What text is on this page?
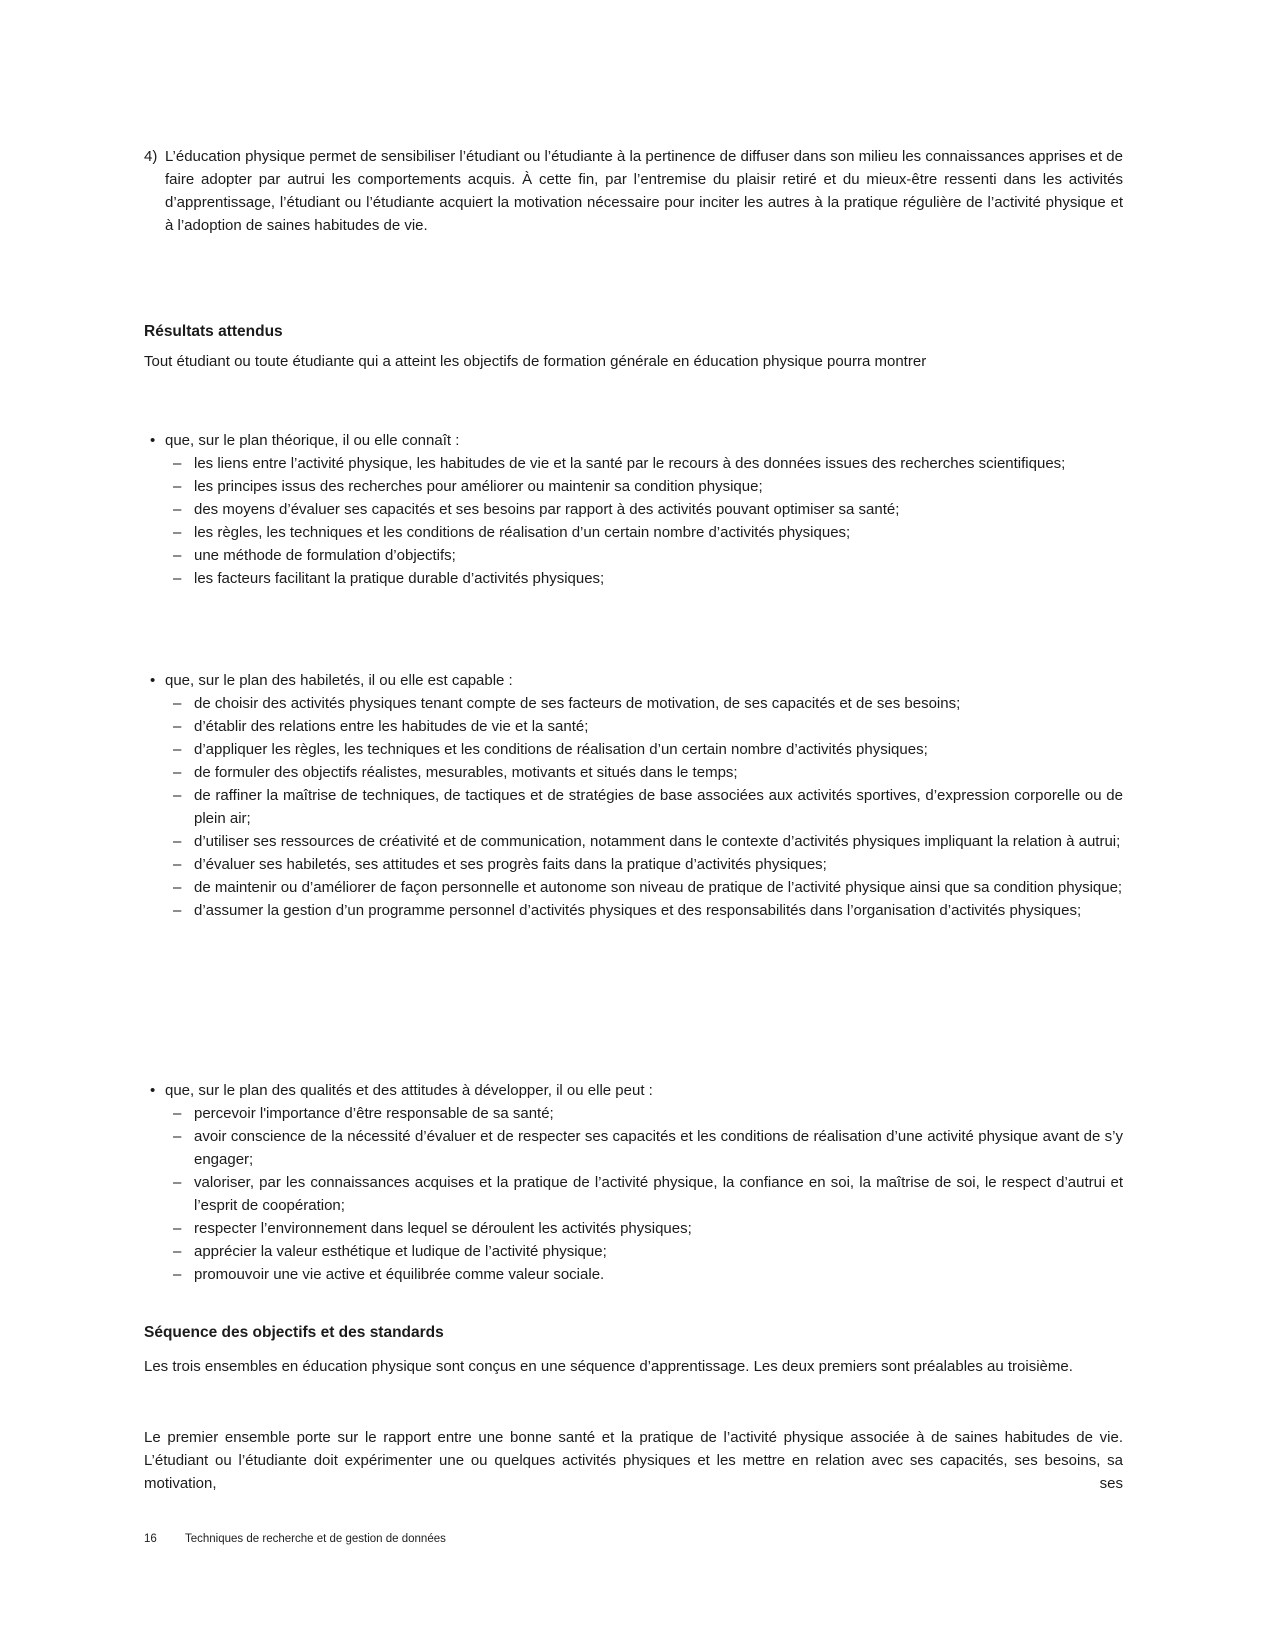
4) L’éducation physique permet de sensibiliser l’étudiant ou l’étudiante à la pertinence de diffuser dans son milieu les connaissances apprises et de faire adopter par autrui les comportements acquis. À cette fin, par l’entremise du plaisir retiré et du mieux-être ressenti dans les activités d’apprentissage, l’étudiant ou l’étudiante acquiert la motivation nécessaire pour inciter les autres à la pratique régulière de l’activité physique et à l’adoption de saines habitudes de vie.

Résultats attendus

Tout étudiant ou toute étudiante qui a atteint les objectifs de formation générale en éducation physique pourra montrer

• que, sur le plan théorique, il ou elle connaît :
– les liens entre l’activité physique, les habitudes de vie et la santé par le recours à des données issues des recherches scientifiques;

– les principes issus des recherches pour améliorer ou maintenir sa condition physique;

– des moyens d’évaluer ses capacités et ses besoins par rapport à des activités pouvant optimiser sa santé;

– les règles, les techniques et les conditions de réalisation d’un certain nombre d’activités physiques;

– une méthode de formulation d’objectifs;

– les facteurs facilitant la pratique durable d’activités physiques;

• que, sur le plan des habiletés, il ou elle est capable :
– de choisir des activités physiques tenant compte de ses facteurs de motivation, de ses capacités et de ses besoins;

– d’établir des relations entre les habitudes de vie et la santé;

– d’appliquer les règles, les techniques et les conditions de réalisation d’un certain nombre d’activités physiques;

– de formuler des objectifs réalistes, mesurables, motivants et situés dans le temps;

– de raffiner la maîtrise de techniques, de tactiques et de stratégies de base associées aux activités sportives, d’expression corporelle ou de plein air;

– d’utiliser ses ressources de créativité et de communication, notamment dans le contexte d’activités physiques impliquant la relation à autrui;

– d’évaluer ses habiletés, ses attitudes et ses progrès faits dans la pratique d’activités physiques;

– de maintenir ou d’améliorer de façon personnelle et autonome son niveau de pratique de l’activité physique ainsi que sa condition physique;

– d’assumer la gestion d’un programme personnel d’activités physiques et des responsabilités dans l’organisation d’activités physiques;

• que, sur le plan des qualités et des attitudes à développer, il ou elle peut :
– percevoir l'importance d’être responsable de sa santé;

– avoir conscience de la nécessité d’évaluer et de respecter ses capacités et les conditions de réalisation d’une activité physique avant de s’y engager;

– valoriser, par les connaissances acquises et la pratique de l’activité physique, la confiance en soi, la maîtrise de soi, le respect d’autrui et l’esprit de coopération;

– respecter l’environnement dans lequel se déroulent les activités physiques;

– apprécier la valeur esthétique et ludique de l’activité physique;

– promouvoir une vie active et équilibrée comme valeur sociale.

Séquence des objectifs et des standards

Les trois ensembles en éducation physique sont conçus en une séquence d’apprentissage. Les deux premiers sont préalables au troisième.

Le premier ensemble porte sur le rapport entre une bonne santé et la pratique de l’activité physique associée à de saines habitudes de vie. L’étudiant ou l’étudiante doit expérimenter une ou quelques activités physiques et les mettre en relation avec ses capacités, ses besoins, sa motivation, ses

16	Techniques de recherche et de gestion de données
